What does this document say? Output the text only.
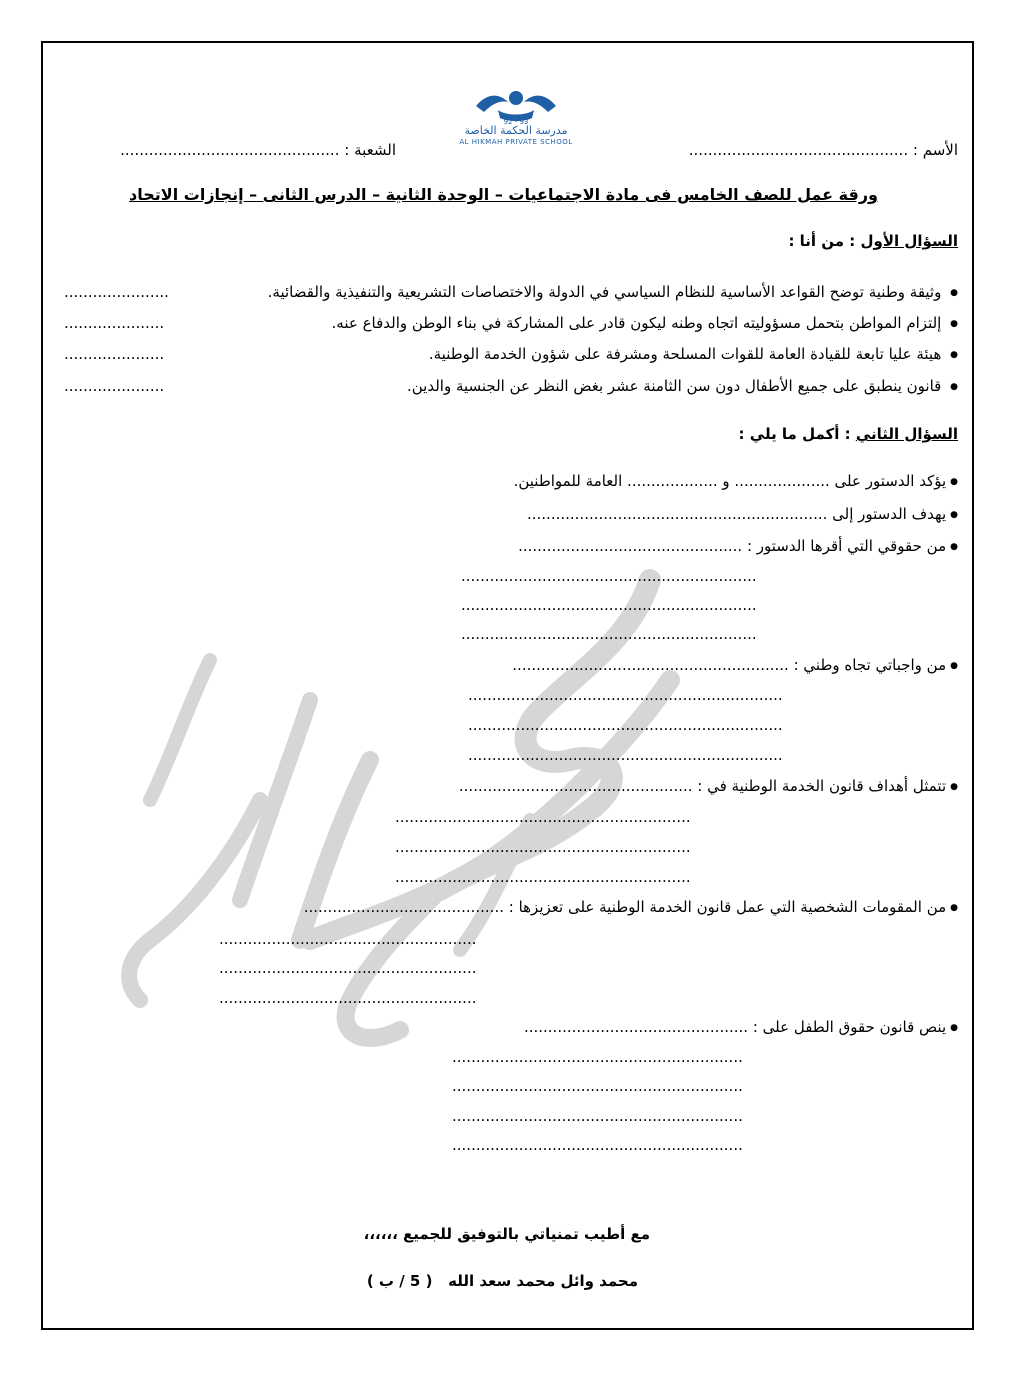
الأسم : ..............................................
الشعبة : ..............................................
92 - 93
مدرسة الحكمة الخاصة
AL HIKMAH PRIVATE SCHOOL
ورقة عمل للصف الخامس فى مادة الاجتماعيات – الوحدة الثانية – الدرس الثانى – إنجازات الاتحاد
السؤال الأول : من أنا :
● وثيقة وطنية توضح القواعد الأساسية للنظام السياسي في الدولة والاختصاصات التشريعية والتنفيذية والقضائية.
......................
● إلتزام المواطن بتحمل مسؤوليته اتجاه وطنه ليكون قادر على المشاركة في بناء الوطن والدفاع عنه.
.....................
● هيئة عليا تابعة للقيادة العامة للقوات المسلحة ومشرفة على شؤون الخدمة الوطنية.
.....................
● قانون ينطبق على جميع الأطفال دون سن الثامنة عشر بغض النظر عن الجنسية والدين.
.....................
السؤال الثاني : أكمل ما يلي :
● يؤكد الدستور على .................... و ................... العامة للمواطنين.
● يهدف الدستور إلى ...............................................................
● من حقوقي التي أقرها الدستور : ...............................................
..............................................................
..............................................................
..............................................................
● من واجباتي تجاه وطني : ..........................................................
..................................................................
..................................................................
..................................................................
● تتمثل أهداف قانون الخدمة الوطنية في : .................................................
..............................................................
..............................................................
..............................................................
● من المقومات الشخصية التي عمل قانون الخدمة الوطنية على تعزيزها : ..........................................
......................................................
......................................................
......................................................
● ينص قانون حقوق الطفل على : ...............................................
.............................................................
.............................................................
.............................................................
.............................................................
مع أطيب تمنياتي بالتوفيق للجميع ،،،،،،
محمد وائل محمد سعد الله   ( 5 / ب )
